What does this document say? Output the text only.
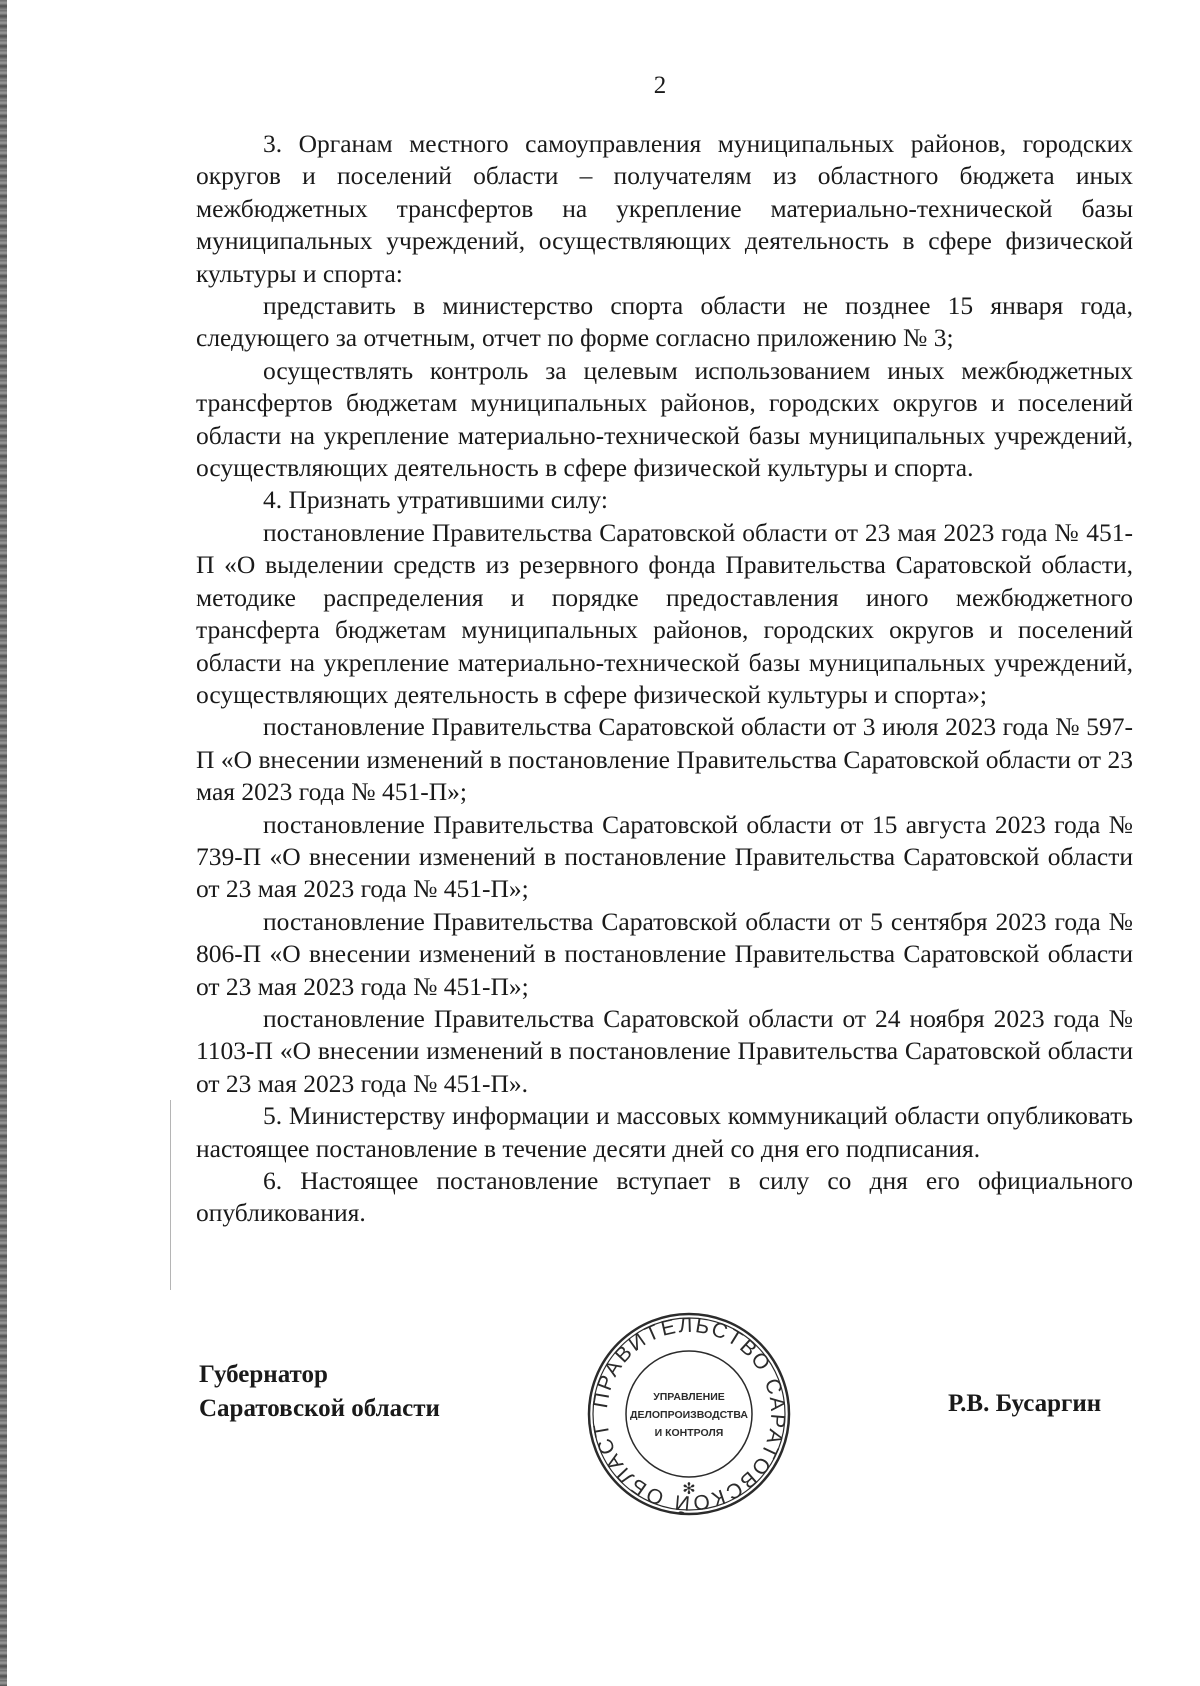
2

3. Органам местного самоуправления муниципальных районов, городских округов и поселений области – получателям из областного бюджета иных межбюджетных трансфертов на укрепление материально-технической базы муниципальных учреждений, осуществляющих деятельность в сфере физической культуры и спорта:

представить в министерство спорта области не позднее 15 января года, следующего за отчетным, отчет по форме согласно приложению № 3;

осуществлять контроль за целевым использованием иных межбюджетных трансфертов бюджетам муниципальных районов, городских округов и поселений области на укрепление материально-технической базы муниципальных учреждений, осуществляющих деятельность в сфере физической культуры и спорта.

4. Признать утратившими силу:

постановление Правительства Саратовской области от 23 мая 2023 года № 451-П «О выделении средств из резервного фонда Правительства Саратовской области, методике распределения и порядке предоставления иного межбюджетного трансферта бюджетам муниципальных районов, городских округов и поселений области на укрепление материально-технической базы муниципальных учреждений, осуществляющих деятельность в сфере физической культуры и спорта»;

постановление Правительства Саратовской области от 3 июля 2023 года № 597-П «О внесении изменений в постановление Правительства Саратовской области от 23 мая 2023 года № 451-П»;

постановление Правительства Саратовской области от 15 августа 2023 года № 739-П «О внесении изменений в постановление Правительства Саратовской области от 23 мая 2023 года № 451-П»;

постановление Правительства Саратовской области от 5 сентября 2023 года № 806-П «О внесении изменений в постановление Правительства Саратовской области от 23 мая 2023 года № 451-П»;

постановление Правительства Саратовской области от 24 ноября 2023 года № 1103-П «О внесении изменений в постановление Правительства Саратовской области от 23 мая 2023 года № 451-П».

5. Министерству информации и массовых коммуникаций области опубликовать настоящее постановление в течение десяти дней со дня его подписания.

6. Настоящее постановление вступает в силу со дня его официального опубликования.

Губернатор
Саратовской области	ПРАВИТЕЛЬСТВО САРАТОВСКОЙ ОБЛАСТ
УПРАВЛЕНИЕ
ДЕЛОПРОИЗВОДСТВА
И КОНТРОЛЯ
✻
Р.В. Бусаргин
